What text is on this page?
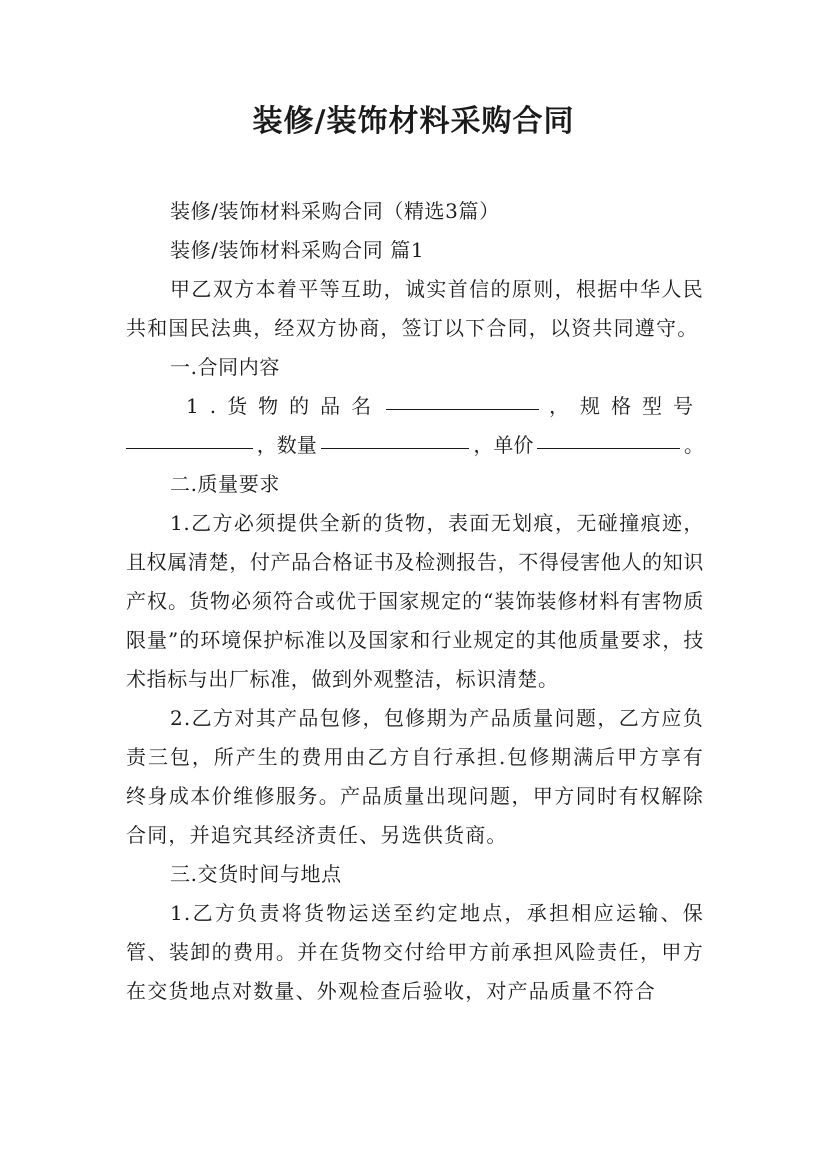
装修/装饰材料采购合同

装修/装饰材料采购合同（精选3篇）

装修/装饰材料采购合同 篇1

甲乙双方本着平等互助，诚实首信的原则，根据中华人民共和国民法典，经双方协商，签订以下合同，以资共同遵守。

一.合同内容

1.货物的品名	，规格型号
，数量	，单价	。

二.质量要求

1.乙方必须提供全新的货物，表面无划痕，无碰撞痕迹，且权属清楚，付产品合格证书及检测报告，不得侵害他人的知识产权。货物必须符合或优于国家规定的“装饰装修材料有害物质限量”的环境保护标准以及国家和行业规定的其他质量要求，技术指标与出厂标准，做到外观整洁，标识清楚。

2.乙方对其产品包修，包修期为产品质量问题，乙方应负责三包，所产生的费用由乙方自行承担.包修期满后甲方享有终身成本价维修服务。产品质量出现问题，甲方同时有权解除合同，并追究其经济责任、另选供货商。

三.交货时间与地点

1.乙方负责将货物运送至约定地点，承担相应运输、保管、装卸的费用。并在货物交付给甲方前承担风险责任，甲方在交货地点对数量、外观检查后验收，对产品质量不符合
